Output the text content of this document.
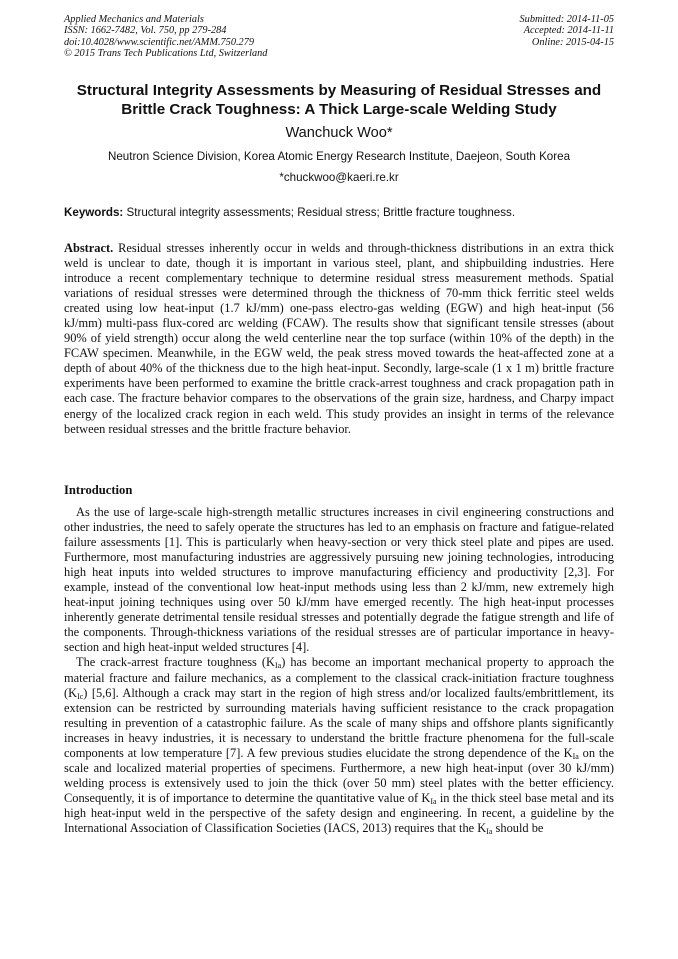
Applied Mechanics and Materials
ISSN: 1662-7482, Vol. 750, pp 279-284
doi:10.4028/www.scientific.net/AMM.750.279
© 2015 Trans Tech Publications Ltd, Switzerland
Submitted: 2014-11-05
Accepted: 2014-11-11
Online: 2015-04-15
Structural Integrity Assessments by Measuring of Residual Stresses and
Brittle Crack Toughness: A Thick Large-scale Welding Study
Wanchuck Woo*
Neutron Science Division, Korea Atomic Energy Research Institute, Daejeon, South Korea
*chuckwoo@kaeri.re.kr
Keywords: Structural integrity assessments; Residual stress; Brittle fracture toughness.
Abstract. Residual stresses inherently occur in welds and through-thickness distributions in an extra thick weld is unclear to date, though it is important in various steel, plant, and shipbuilding industries. Here introduce a recent complementary technique to determine residual stress measurement methods. Spatial variations of residual stresses were determined through the thickness of 70-mm thick ferritic steel welds created using low heat-input (1.7 kJ/mm) one-pass electro-gas welding (EGW) and high heat-input (56 kJ/mm) multi-pass flux-cored arc welding (FCAW). The results show that significant tensile stresses (about 90% of yield strength) occur along the weld centerline near the top surface (within 10% of the depth) in the FCAW specimen. Meanwhile, in the EGW weld, the peak stress moved towards the heat-affected zone at a depth of about 40% of the thickness due to the high heat-input. Secondly, large-scale (1 x 1 m) brittle fracture experiments have been performed to examine the brittle crack-arrest toughness and crack propagation path in each case. The fracture behavior compares to the observations of the grain size, hardness, and Charpy impact energy of the localized crack region in each weld. This study provides an insight in terms of the relevance between residual stresses and the brittle fracture behavior.
Introduction

As the use of large-scale high-strength metallic structures increases in civil engineering constructions and other industries, the need to safely operate the structures has led to an emphasis on fracture and fatigue-related failure assessments [1]. This is particularly when heavy-section or very thick steel plate and pipes are used. Furthermore, most manufacturing industries are aggressively pursuing new joining technologies, introducing high heat inputs into welded structures to improve manufacturing efficiency and productivity [2,3]. For example, instead of the conventional low heat-input methods using less than 2 kJ/mm, new extremely high heat-input joining techniques using over 50 kJ/mm have emerged recently. The high heat-input processes inherently generate detrimental tensile residual stresses and potentially degrade the fatigue strength and life of the components. Through-thickness variations of the residual stresses are of particular importance in heavy-section and high heat-input welded structures [4].

The crack-arrest fracture toughness $(K_{Ia})$ has become an important mechanical property to approach the material fracture and failure mechanics, as a complement to the classical crack-initiation fracture toughness $(K_{Ic})$ [5,6]. Although a crack may start in the region of high stress and/or localized faults/embrittlement, its extension can be restricted by surrounding materials having sufficient resistance to the crack propagation resulting in prevention of a catastrophic failure. As the scale of many ships and offshore plants significantly increases in heavy industries, it is necessary to understand the brittle fracture phenomena for the full-scale components at low temperature [7]. A few previous studies elucidate the strong dependence of the $K_{Ia}$ on the scale and localized material properties of specimens. Furthermore, a new high heat-input (over 30 kJ/mm) welding process is extensively used to join the thick (over 50 mm) steel plates with the better efficiency. Consequently, it is of importance to determine the quantitative value of $K_{Ia}$ in the thick steel base metal and its high heat-input weld in the perspective of the safety design and engineering. In recent, a guideline by the International Association of Classification Societies (IACS, 2013) requires that the $K_{Ia}$ should be
